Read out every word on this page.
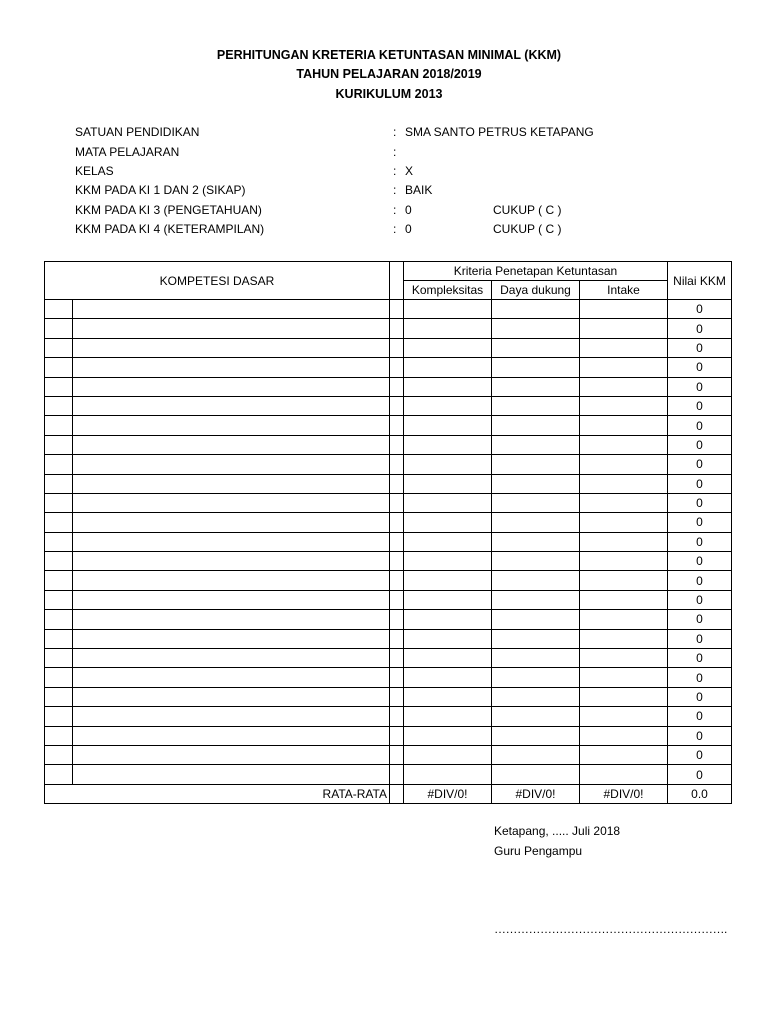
PERHITUNGAN KRETERIA KETUNTASAN MINIMAL (KKM)
TAHUN PELAJARAN 2018/2019
KURIKULUM 2013
SATUAN PENDIDIKAN	: SMA SANTO PETRUS KETAPANG
MATA PELAJARAN	:
KELAS	: X
KKM PADA KI 1 DAN 2 (SIKAP)	: BAIK
KKM PADA KI 3 (PENGETAHUAN)	: 0	CUKUP ( C )
KKM PADA KI 4 (KETERAMPILAN)	: 0	CUKUP ( C )
KOMPETESI DASAR			Kriteria Penetapan Ketuntasan			Nilai KKM
			Kompleksitas	Daya dukung	Intake	
						0
						0
						0
						0
						0
						0
						0
						0
						0
						0
						0
						0
						0
						0
						0
						0
						0
						0
						0
						0
						0
						0
						0
						0
						0
RATA-RATA			#DIV/0!	#DIV/0!	#DIV/0!	0.0
Ketapang, ..... Juli 2018
Guru Pengampu
…………………………………………………….
